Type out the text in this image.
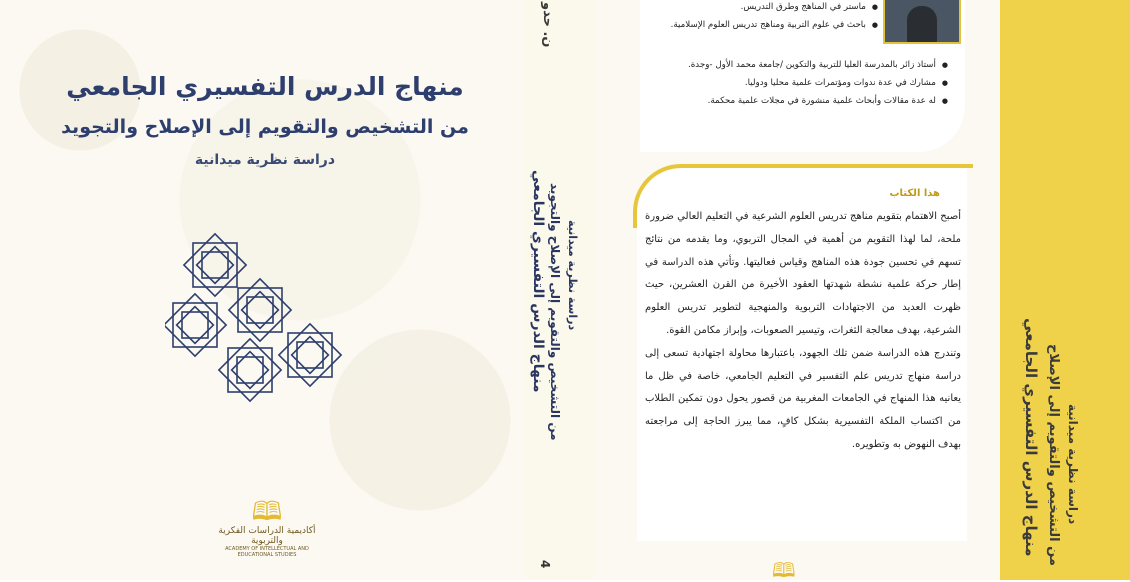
منهاج الدرس التفسيري الجامعي
من التشخيص والتقويم إلى الإصلاح والتجويد
دراسة نظرية ميدانية
🕮
أكاديمية الدراسات الفكرية والتربوية
ACADEMY OF INTELLECTUAL AND EDUCATIONAL STUDIES
ن. حدو
منهاج الدرس التفسيري الجامعي من التشخيص والتقويم إلى الإصلاح والتجويد دراسة نظرية ميدانية
4
●ماستر في المناهج وطرق التدريس.
●باحث في علوم التربية ومناهج تدريس العلوم الإسلامية.
●أستاذ زائر بالمدرسة العليا للتربية والتكوين /جامعة محمد الأول -وجدة.
●مشارك في عدة ندوات ومؤتمرات علمية محليا ودوليا.
●له عدة مقالات وأبحاث علمية منشورة في مجلات علمية محكمة.
هذا الكتاب

أصبح الاهتمام بتقويم مناهج تدريس العلوم الشرعية في التعليم العالي ضرورة ملحة، لما لهذا التقويم من أهمية في المجال التربوي، وما يقدمه من نتائج تسهم في تحسين جودة هذه المناهج وقياس فعاليتها. وتأتي هذه الدراسة في إطار حركة علمية نشطة شهدتها العقود الأخيرة من القرن العشرين، حيث ظهرت العديد من الاجتهادات التربوية والمنهجية لتطوير تدريس العلوم الشرعية، بهدف معالجة الثغرات، وتيسير الصعوبات، وإبراز مكامن القوة.

وتندرج هذه الدراسة ضمن تلك الجهود، باعتبارها محاولة اجتهادية تسعى إلى دراسة منهاج تدريس علم التفسير في التعليم الجامعي، خاصة في ظل ما يعانيه هذا المنهاج في الجامعات المغربية من قصور يحول دون تمكين الطلاب من اكتساب الملكة التفسيرية بشكل كافٍ، مما يبرز الحاجة إلى مراجعته بهدف النهوض به وتطويره.

🕮
منهاج الدرس التفسيري الجامعي من التشخيص والتقويم إلى الإصلاح دراسة نظرية ميدانية
